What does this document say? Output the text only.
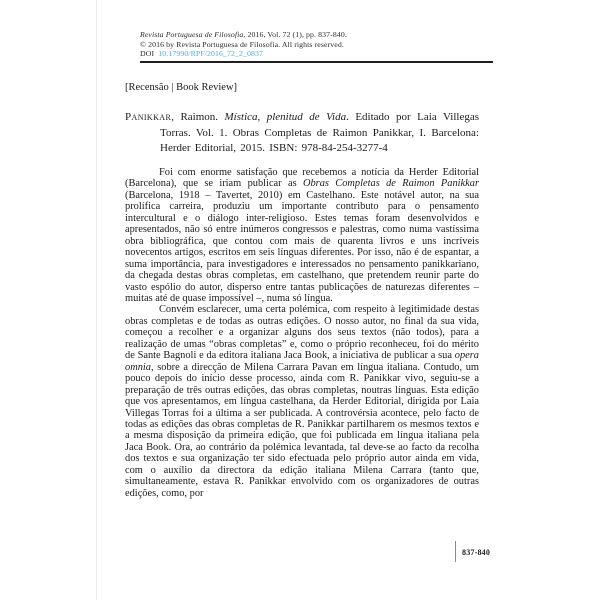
Revista Portuguesa de Filosofia, 2016, Vol. 72 (1), pp. 837-840.
© 2016 by Revista Portuguesa de Filosofia. All rights reserved.
DOI 10.17990/RPF/2016_72_2_0837
[Recensão | Book Review]
Panikkar, Raimon. Mística, plenitud de Vida. Editado por Laia Villegas Torras. Vol. 1. Obras Completas de Raimon Panikkar, I. Barcelona: Herder Editorial, 2015. ISBN: 978-84-254-3277-4

Foi com enorme satisfação que recebemos a notícia da Herder Editorial (Barcelona), que se iriam publicar as Obras Completas de Raimon Panikkar (Barcelona, 1918 – Tavertet, 2010) em Castelhano. Este notável autor, na sua prolífica carreira, produziu um importante contributo para o pensamento intercultural e o diálogo inter-religioso. Estes temas foram desenvolvidos e apresentados, não só entre inúmeros congressos e palestras, como numa vastíssima obra bibliográfica, que contou com mais de quarenta livros e uns incríveis novecentos artigos, escritos em seis línguas diferentes. Por isso, não é de espantar, a suma importância, para investigadores e interessados no pensamento panikkariano, da chegada destas obras completas, em castelhano, que pretendem reunir parte do vasto espólio do autor, disperso entre tantas publicações de naturezas diferentes – muitas até de quase impossível –, numa só língua.

Convém esclarecer, uma certa polémica, com respeito à legitimidade destas obras completas e de todas as outras edições. O nosso autor, no final da sua vida, começou a recolher e a organizar alguns dos seus textos (não todos), para a realização de umas “obras completas” e, como o próprio reconheceu, foi do mérito de Sante Bagnoli e da editora italiana Jaca Book, a iniciativa de publicar a sua opera omnia, sobre a direcção de Milena Carrara Pavan em língua italiana. Contudo, um pouco depois do início desse processo, ainda com R. Panikkar vivo, seguiu-se a preparação de três outras edições, das obras completas, noutras línguas. Esta edição que vos apresentamos, em língua castelhana, da Herder Editorial, dirigida por Laia Villegas Torras foi a última a ser publicada. A controvérsia acontece, pelo facto de todas as edições das obras completas de R. Panikkar partilharem os mesmos textos e a mesma disposição da primeira edição, que foi publicada em língua italiana pela Jaca Book. Ora, ao contrário da polémica levantada, tal deve-se ao facto da recolha dos textos e sua organização ter sido efectuada pelo próprio autor ainda em vida, com o auxílio da directora da edição italiana Milena Carrara (tanto que, simultaneamente, estava R. Panikkar envolvido com os organizadores de outras edições, como, por

837-840
